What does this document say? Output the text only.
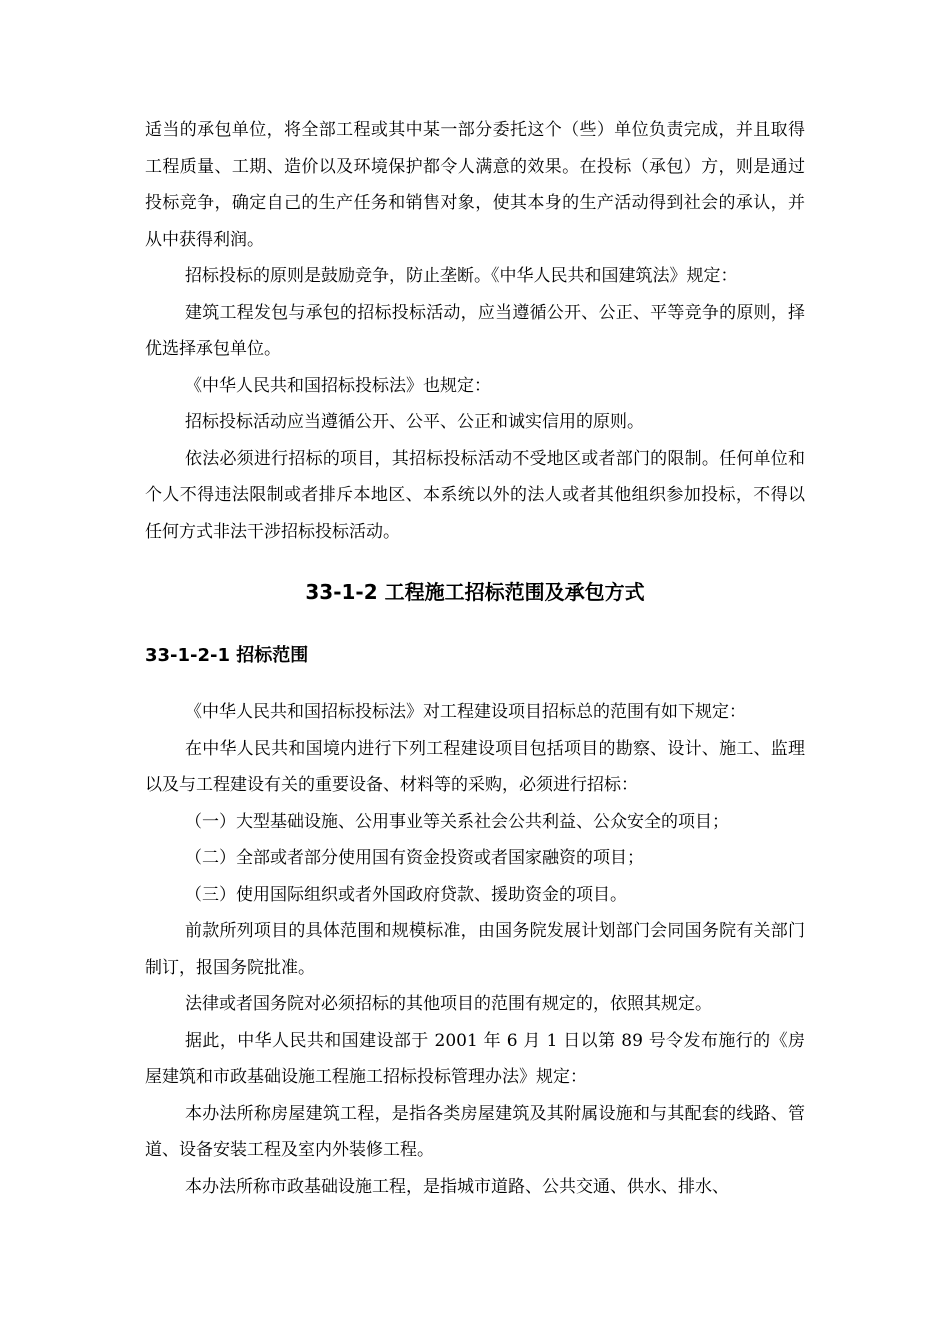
适当的承包单位，将全部工程或其中某一部分委托这个（些）单位负责完成，并且取得工程质量、工期、造价以及环境保护都令人满意的效果。在投标（承包）方，则是通过投标竞争，确定自己的生产任务和销售对象，使其本身的生产活动得到社会的承认，并从中获得利润。

招标投标的原则是鼓励竞争，防止垄断。《中华人民共和国建筑法》规定：

建筑工程发包与承包的招标投标活动，应当遵循公开、公正、平等竞争的原则，择优选择承包单位。

《中华人民共和国招标投标法》也规定：

招标投标活动应当遵循公开、公平、公正和诚实信用的原则。

依法必须进行招标的项目，其招标投标活动不受地区或者部门的限制。任何单位和个人不得违法限制或者排斥本地区、本系统以外的法人或者其他组织参加投标，不得以任何方式非法干涉招标投标活动。

33-1-2 工程施工招标范围及承包方式
33-1-2-1 招标范围

《中华人民共和国招标投标法》对工程建设项目招标总的范围有如下规定：

在中华人民共和国境内进行下列工程建设项目包括项目的勘察、设计、施工、监理以及与工程建设有关的重要设备、材料等的采购，必须进行招标：

（一）大型基础设施、公用事业等关系社会公共利益、公众安全的项目；

（二）全部或者部分使用国有资金投资或者国家融资的项目；

（三）使用国际组织或者外国政府贷款、援助资金的项目。

前款所列项目的具体范围和规模标准，由国务院发展计划部门会同国务院有关部门制订，报国务院批准。

法律或者国务院对必须招标的其他项目的范围有规定的，依照其规定。

据此，中华人民共和国建设部于 2001 年 6 月 1 日以第 89 号令发布施行的《房屋建筑和市政基础设施工程施工招标投标管理办法》规定：

本办法所称房屋建筑工程，是指各类房屋建筑及其附属设施和与其配套的线路、管道、设备安装工程及室内外装修工程。

本办法所称市政基础设施工程，是指城市道路、公共交通、供水、排水、
